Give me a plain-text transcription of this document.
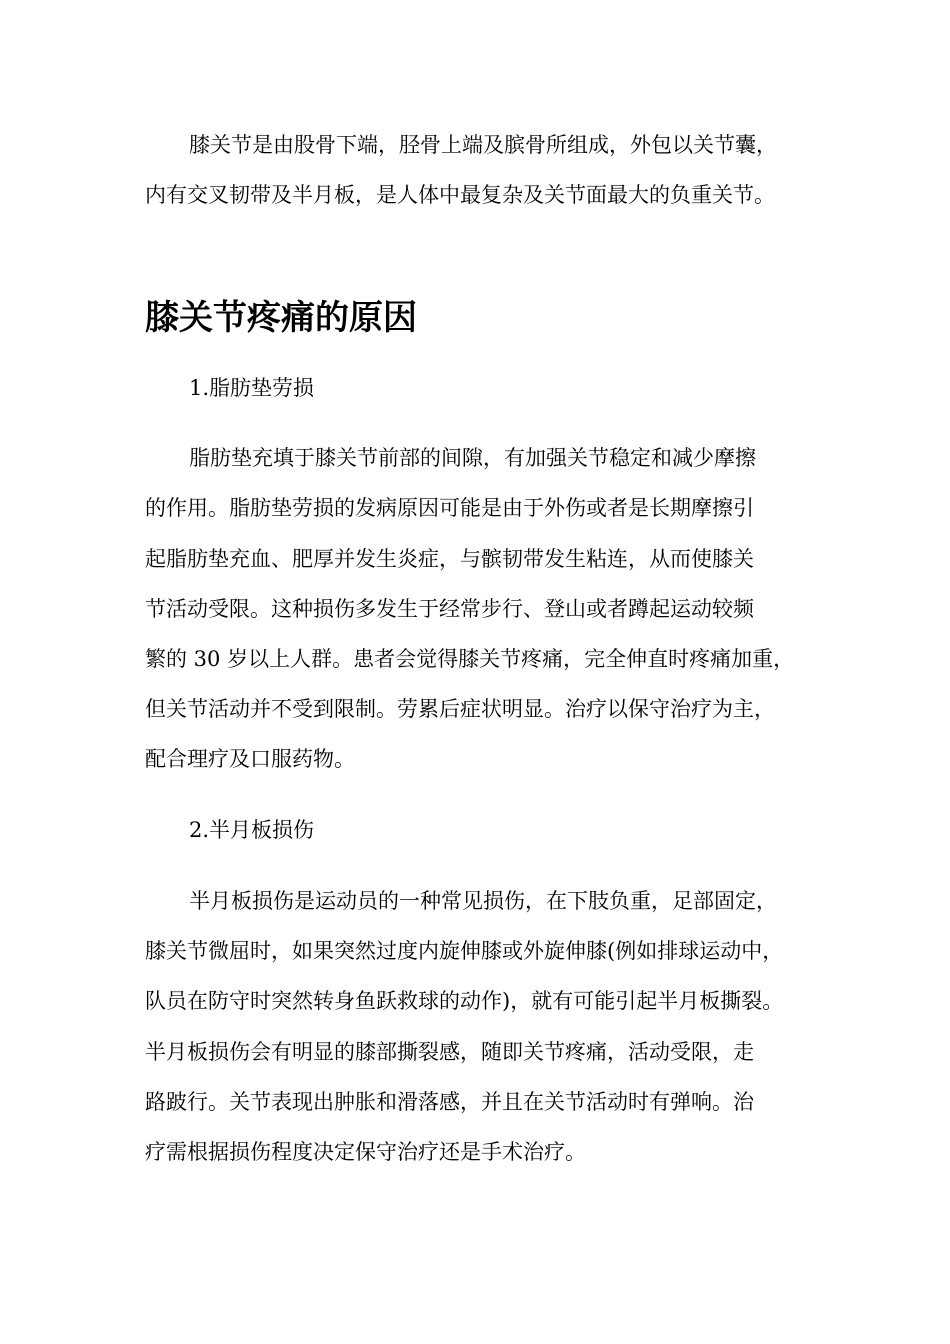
膝关节是由股骨下端，胫骨上端及膑骨所组成，外包以关节囊，
内有交叉韧带及半月板，是人体中最复杂及关节面最大的负重关节。
膝关节疼痛的原因
1.脂肪垫劳损
脂肪垫充填于膝关节前部的间隙，有加强关节稳定和减少摩擦
的作用。脂肪垫劳损的发病原因可能是由于外伤或者是长期摩擦引
起脂肪垫充血、肥厚并发生炎症，与髌韧带发生粘连，从而使膝关
节活动受限。这种损伤多发生于经常步行、登山或者蹲起运动较频
繁的 30 岁以上人群。患者会觉得膝关节疼痛，完全伸直时疼痛加重，
但关节活动并不受到限制。劳累后症状明显。治疗以保守治疗为主，
配合理疗及口服药物。
2.半月板损伤
半月板损伤是运动员的一种常见损伤，在下肢负重，足部固定，
膝关节微屈时，如果突然过度内旋伸膝或外旋伸膝(例如排球运动中，
队员在防守时突然转身鱼跃救球的动作)，就有可能引起半月板撕裂。
半月板损伤会有明显的膝部撕裂感，随即关节疼痛，活动受限，走
路跛行。关节表现出肿胀和滑落感，并且在关节活动时有弹响。治
疗需根据损伤程度决定保守治疗还是手术治疗。
